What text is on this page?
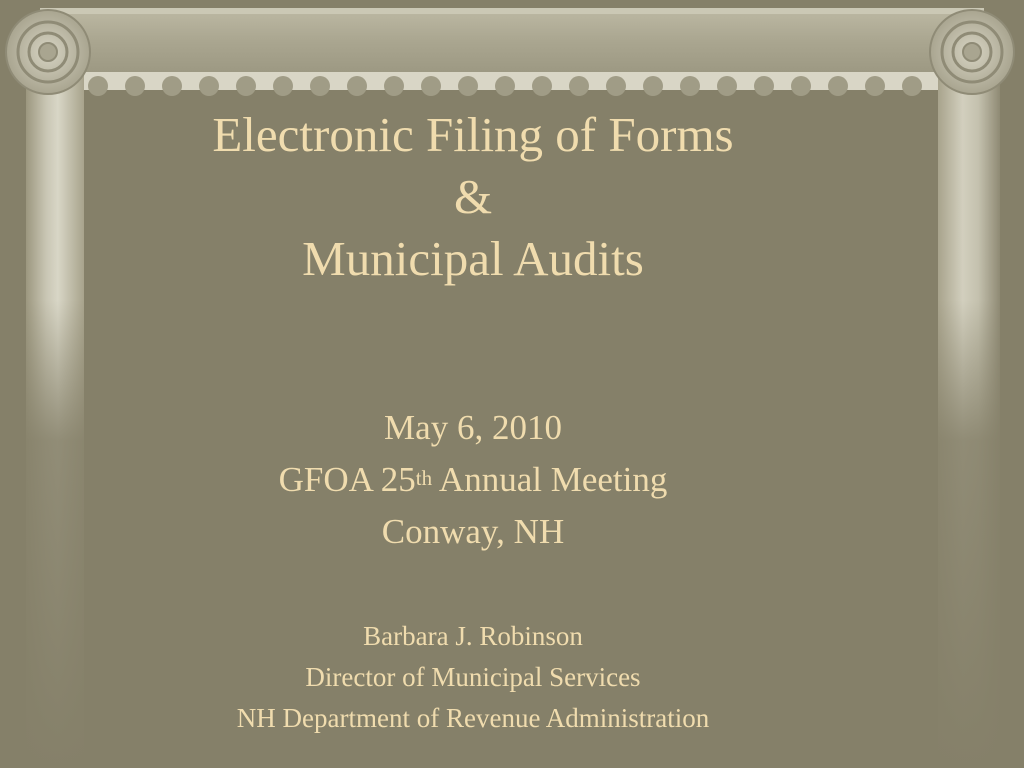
Electronic Filing of Forms
&
Municipal Audits
May 6, 2010
GFOA 25th Annual Meeting
Conway, NH
Barbara J. Robinson
Director of Municipal Services
NH Department of Revenue Administration
